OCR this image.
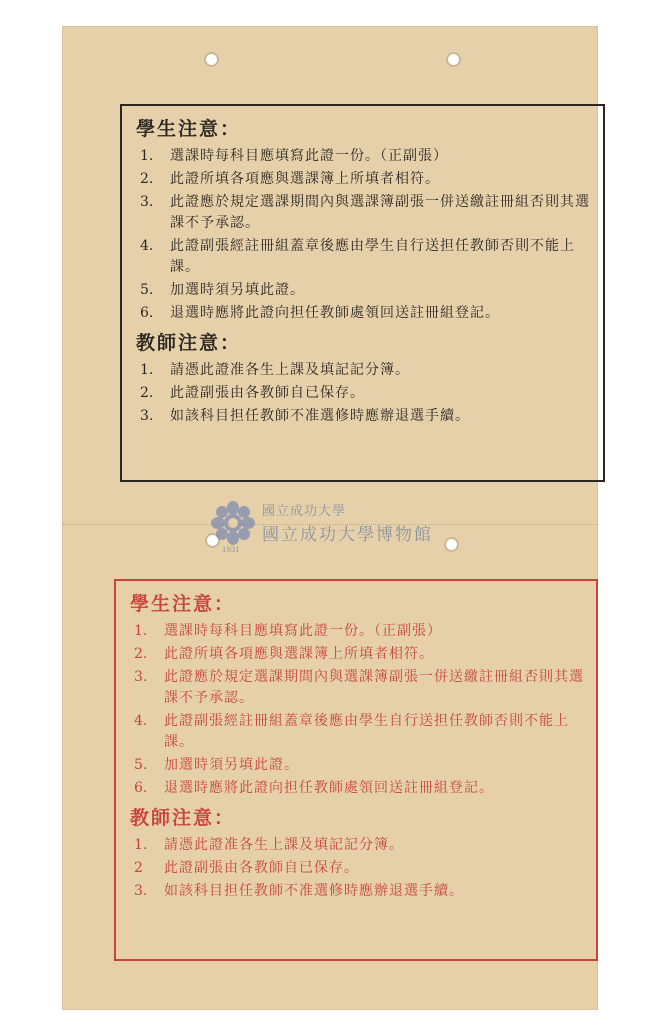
學生注意：
1.	選課時每科目應填寫此證一份。（正副張）
2.	此證所填各項應與選課簿上所填者相符。
3.	此證應於規定選課期間內與選課簿副張一併送繳註冊組否則其選課不予承認。
4.	此證副張經註冊組蓋章後應由學生自行送担任教師否則不能上課。
5.	加選時須另填此證。
6.	退選時應將此證向担任教師處領回送註冊組登記。
教師注意：
1.	請憑此證准各生上課及填記記分簿。
2.	此證副張由各教師自已保存。
3.	如該科目担任教師不准選修時應辦退選手續。
國立成功大學
國立成功大學博物館
1931
學生注意：
1.	選課時每科目應填寫此證一份。（正副張）
2.	此證所填各項應與選課簿上所填者相符。
3.	此證應於規定選課期間內與選課簿副張一併送繳註冊組否則其選課不予承認。
4.	此證副張經註冊組蓋章後應由學生自行送担任教師否則不能上課。
5.	加選時須另填此證。
6.	退選時應將此證向担任教師處領回送註冊組登記。
教師注意：
1.	請憑此證准各生上課及填記記分簿。
2	此證副張由各教師自已保存。
3.	如該科目担任教師不准選修時應辦退選手續。
